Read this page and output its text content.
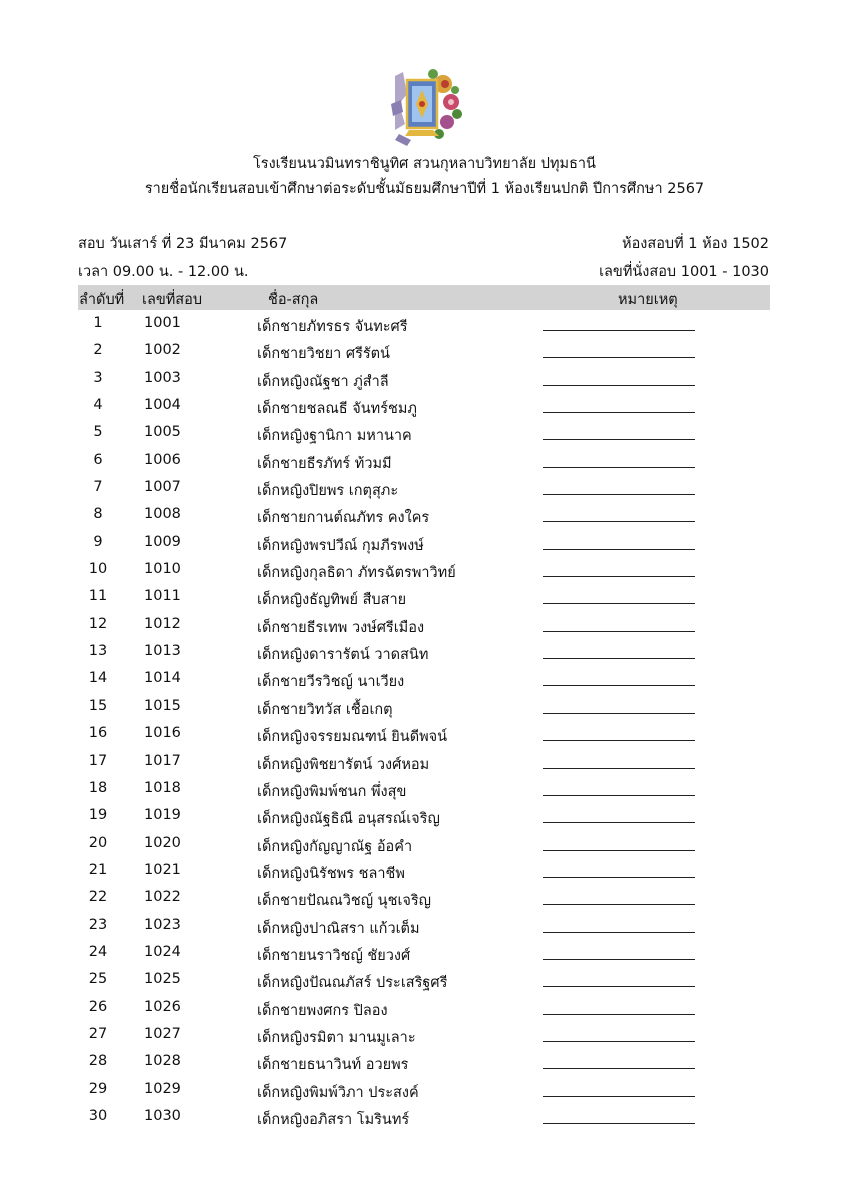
โรงเรียนนวมินทราชินูทิศ สวนกุหลาบวิทยาลัย ปทุมธานี
รายชื่อนักเรียนสอบเข้าศึกษาต่อระดับชั้นมัธยมศึกษาปีที่ 1 ห้องเรียนปกติ ปีการศึกษา 2567
สอบ วันเสาร์ ที่ 23 มีนาคม 2567
เวลา 09.00 น. - 12.00 น.
ห้องสอบที่ 1 ห้อง 1502
เลขที่นั่งสอบ 1001 - 1030
ลำดับที่ เลขที่สอบ	ชื่อ-สกุล	หมายเหตุ
1	1001	เด็กชายภัทรธร จันทะศรี
2	1002	เด็กชายวิชยา ศรีรัตน์
3	1003	เด็กหญิงณัฐชา ภู่สำลี
4	1004	เด็กชายชลณธี จันทร์ชมภู
5	1005	เด็กหญิงฐานิกา มหานาค
6	1006	เด็กชายธีรภัทร์ ท้วมมี
7	1007	เด็กหญิงปิยพร เกตุสุภะ
8	1008	เด็กชายกานต์ณภัทร คงใคร
9	1009	เด็กหญิงพรปวีณ์ กุมภีรพงษ์
10	1010	เด็กหญิงกุลธิดา ภัทรฉัตรพาวิทย์
11	1011	เด็กหญิงธัญทิพย์ สืบสาย
12	1012	เด็กชายธีรเทพ วงษ์ศรีเมือง
13	1013	เด็กหญิงดารารัตน์ วาดสนิท
14	1014	เด็กชายวีรวิชญ์ นาเวียง
15	1015	เด็กชายวิทวัส เชื้อเกตุ
16	1016	เด็กหญิงจรรยมณฑน์ ยินดีพจน์
17	1017	เด็กหญิงพิชยารัตน์ วงศ์หอม
18	1018	เด็กหญิงพิมพ์ชนก พึ่งสุข
19	1019	เด็กหญิงณัฐธิณี อนุสรณ์เจริญ
20	1020	เด็กหญิงกัญญาณัฐ อ้อคำ
21	1021	เด็กหญิงนิรัชพร ชลาชีพ
22	1022	เด็กชายปัณณวิชญ์ นุชเจริญ
23	1023	เด็กหญิงปาณิสรา แก้วเต็ม
24	1024	เด็กชายนราวิชญ์ ชัยวงศ์
25	1025	เด็กหญิงปัณณภัสร์ ประเสริฐศรี
26	1026	เด็กชายพงศกร ปิลอง
27	1027	เด็กหญิงรมิตา มานมูเลาะ
28	1028	เด็กชายธนาวินท์ อวยพร
29	1029	เด็กหญิงพิมพ์วิภา ประสงค์
30	1030	เด็กหญิงอภิสรา โมรินทร์
